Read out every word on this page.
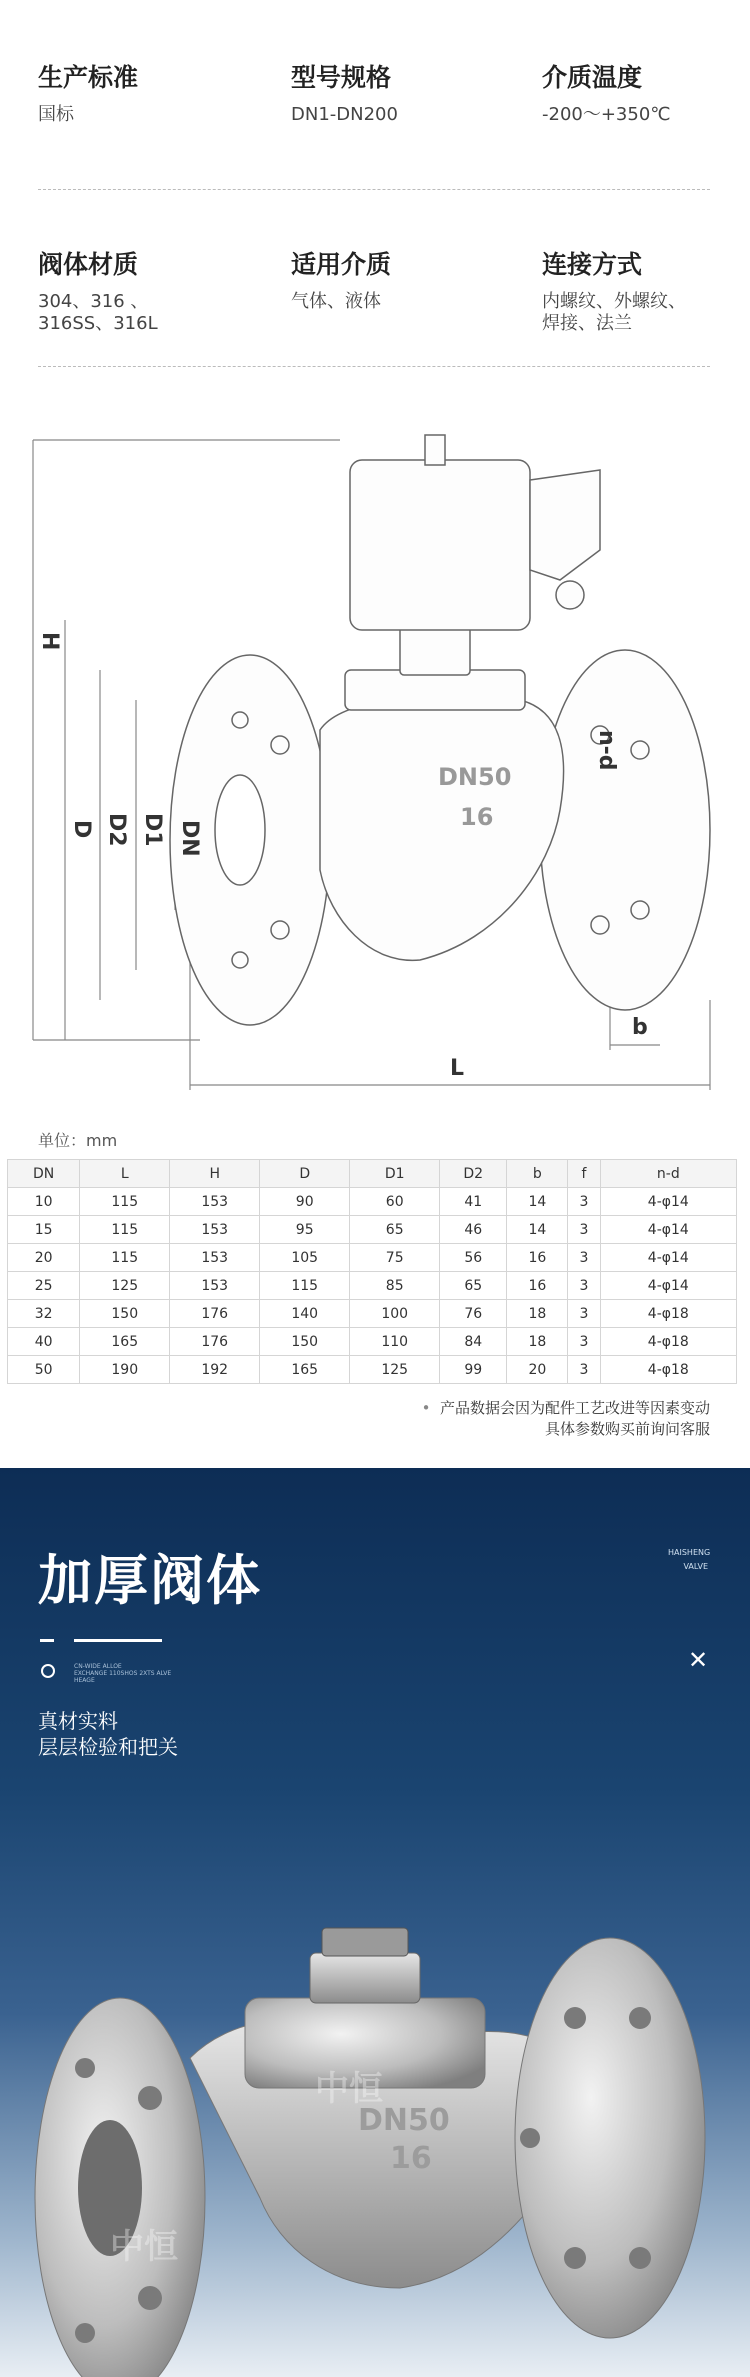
生产标准
国标
型号规格
DN1-DN200
介质温度
-200～+350℃
阀体材质
304、316 、
316SS、316L
适用介质
气体、液体
连接方式
内螺纹、外螺纹、
焊接、法兰
DN50
16
H
D D2 D1 DN
n-d
b
L
单位：mm
DN	L	H	D	D1	D2	b	f	n-d
10	115	153	90	60	41	14	3	4-φ14
15	115	153	95	65	46	14	3	4-φ14
20	115	153	105	75	56	16	3	4-φ14
25	125	153	115	85	65	16	3	4-φ14
32	150	176	140	100	76	18	3	4-φ18
40	165	176	150	110	84	18	3	4-φ18
50	190	192	165	125	99	20	3	4-φ18
•  产品数据会因为配件工艺改进等因素变动
具体参数购买前询问客服
加厚阀体	HAISHENG
VALVE
CN-WIDE ALLOE
EXCHANGE 110SHOS 2XTS ALVE
HEAGE
✕
真材实料
层层检验和把关
DN50
16
中恒
中恒
